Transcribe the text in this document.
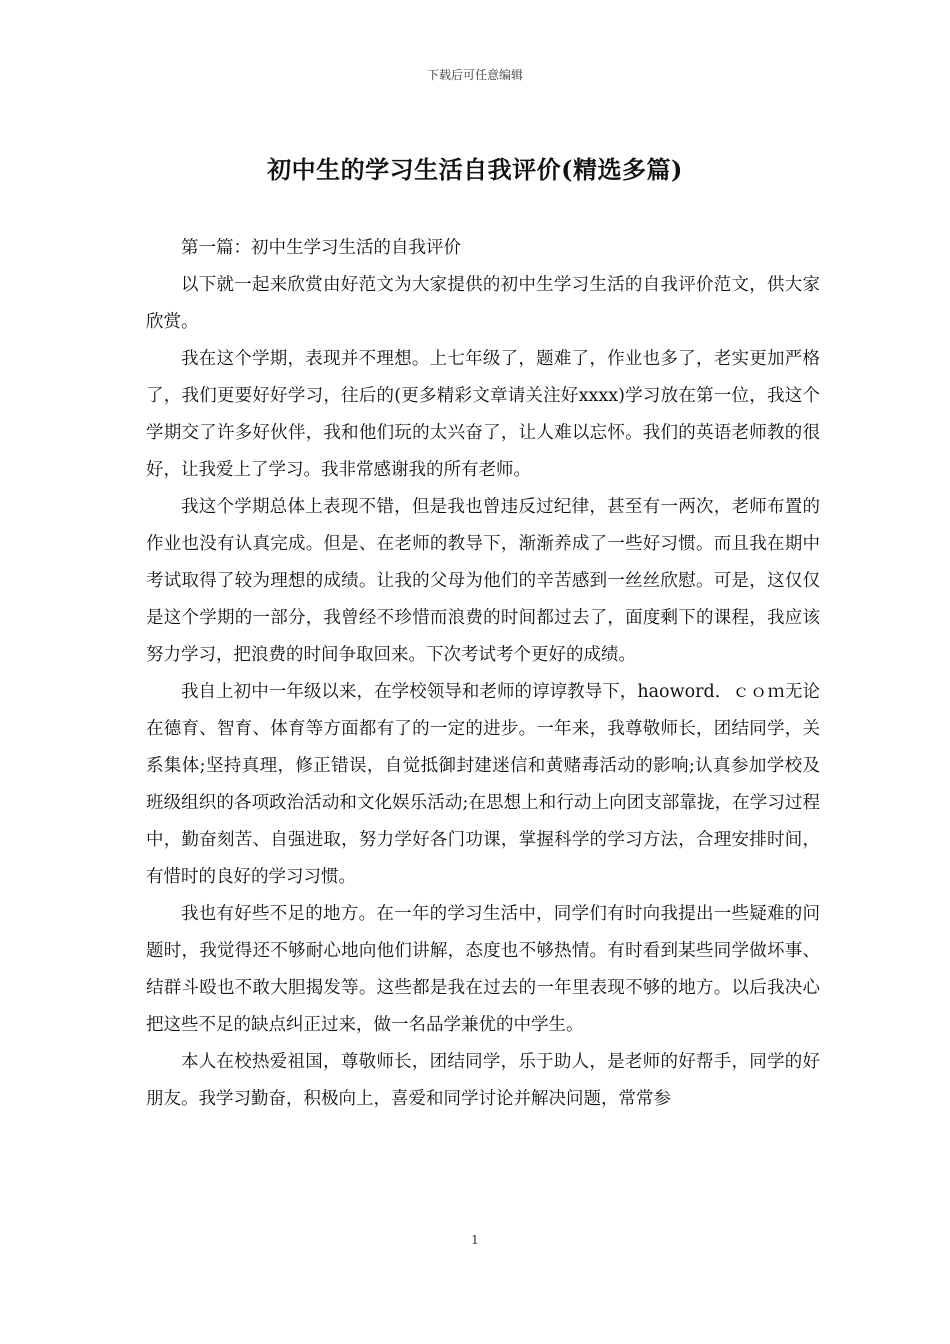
下载后可任意编辑
初中生的学习生活自我评价(精选多篇)

第一篇：初中生学习生活的自我评价

以下就一起来欣赏由好范文为大家提供的初中生学习生活的自我评价范文，供大家欣赏。

我在这个学期，表现并不理想。上七年级了，题难了，作业也多了，老实更加严格了，我们更要好好学习，往后的(更多精彩文章请关注好xxxx)学习放在第一位，我这个学期交了许多好伙伴，我和他们玩的太兴奋了，让人难以忘怀。我们的英语老师教的很好，让我爱上了学习。我非常感谢我的所有老师。

我这个学期总体上表现不错，但是我也曾违反过纪律，甚至有一两次，老师布置的作业也没有认真完成。但是、在老师的教导下，渐渐养成了一些好习惯。而且我在期中考试取得了较为理想的成绩。让我的父母为他们的辛苦感到一丝丝欣慰。可是，这仅仅是这个学期的一部分，我曾经不珍惜而浪费的时间都过去了，面度剩下的课程，我应该努力学习，把浪费的时间争取回来。下次考试考个更好的成绩。

我自上初中一年级以来，在学校领导和老师的谆谆教导下，haoword．ｃｏｍ无论在德育、智育、体育等方面都有了的一定的进步。一年来，我尊敬师长，团结同学，关系集体;坚持真理，修正错误，自觉抵御封建迷信和黄赌毒活动的影响;认真参加学校及班级组织的各项政治活动和文化娱乐活动;在思想上和行动上向团支部靠拢，在学习过程中，勤奋刻苦、自强进取，努力学好各门功课，掌握科学的学习方法，合理安排时间，有惜时的良好的学习习惯。

我也有好些不足的地方。在一年的学习生活中，同学们有时向我提出一些疑难的问题时，我觉得还不够耐心地向他们讲解，态度也不够热情。有时看到某些同学做坏事、结群斗殴也不敢大胆揭发等。这些都是我在过去的一年里表现不够的地方。以后我决心把这些不足的缺点纠正过来，做一名品学兼优的中学生。

本人在校热爱祖国，尊敬师长，团结同学，乐于助人，是老师的好帮手，同学的好朋友。我学习勤奋，积极向上，喜爱和同学讨论并解决问题，常常参

1
